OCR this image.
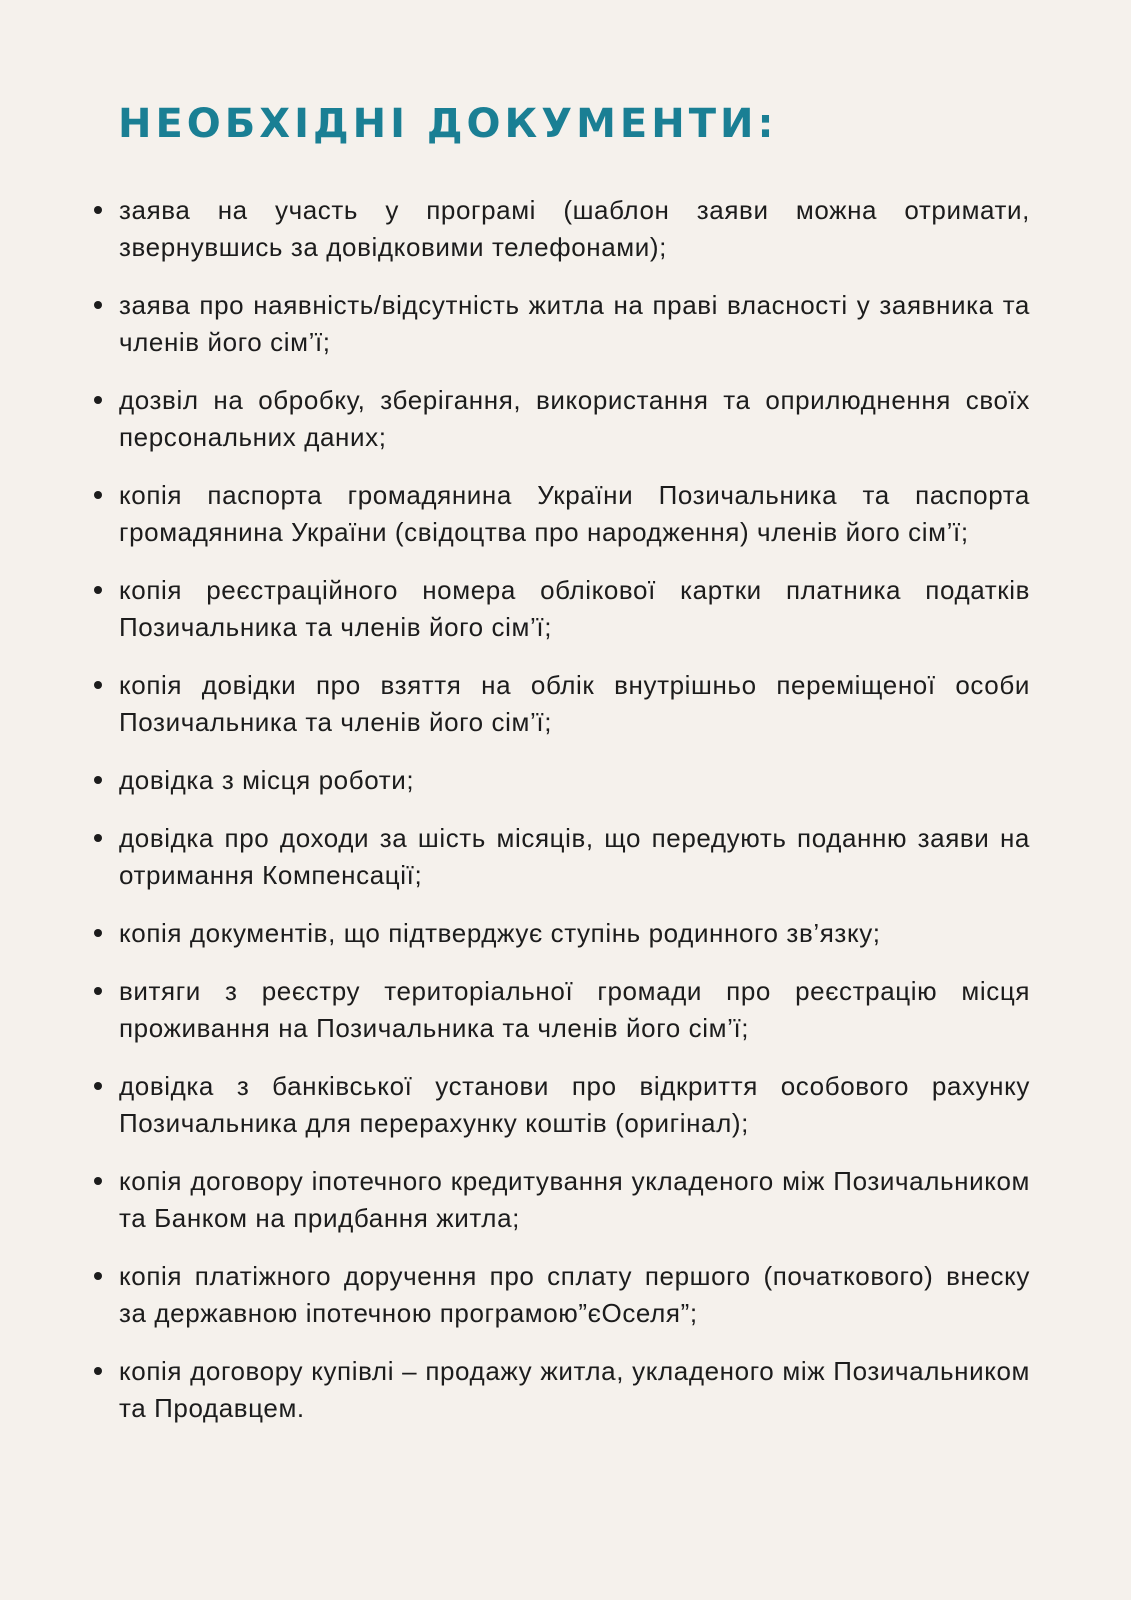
НЕОБХІДНІ ДОКУМЕНТИ:
заява на участь у програмі (шаблон заяви можна отримати, звернувшись за довідковими телефонами);
заява про наявність/відсутність житла на праві власності у заявника та членів його сім’ї;
дозвіл на обробку, зберігання, використання та оприлюднення своїх персональних даних;
копія паспорта громадянина України Позичальника та паспорта громадянина України (свідоцтва про народження) членів його сім’ї;
копія реєстраційного номера облікової картки платника податків Позичальника та членів його сім’ї;
копія довідки про взяття на облік внутрішньо переміщеної особи Позичальника та членів його сім’ї;
довідка з місця роботи;
довідка про доходи за шість місяців, що передують поданню заяви на отримання Компенсації;
копія документів, що підтверджує ступінь родинного зв’язку;
витяги з реєстру територіальної громади про реєстрацію місця проживання на Позичальника та членів його сім’ї;
довідка з банківської установи про відкриття особового рахунку Позичальника для перерахунку коштів (оригінал);
копія договору іпотечного кредитування укладеного між Позичальником та Банком на придбання житла;
копія платіжного доручення про сплату першого (початкового) внеску за державною іпотечною програмою”єОселя”;
копія договору купівлі – продажу житла, укладеного між Позичальником та Продавцем.
